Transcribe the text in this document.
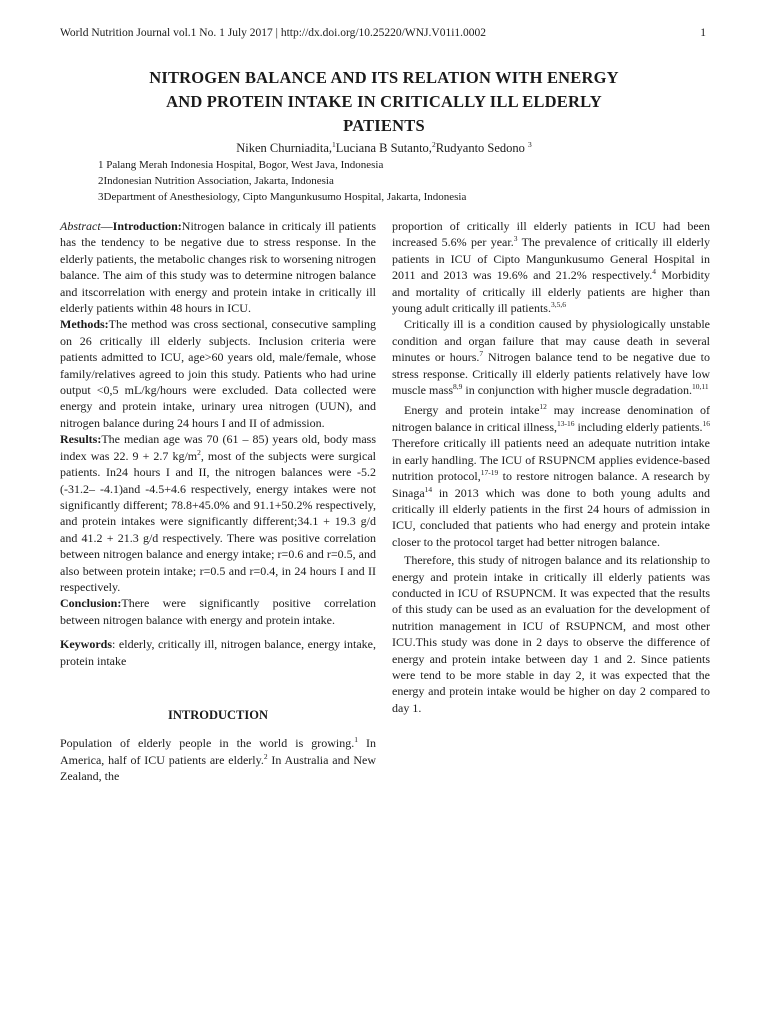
World Nutrition Journal vol.1 No. 1 July 2017 | http://dx.doi.org/10.25220/WNJ.V01i1.0002	1
NITROGEN BALANCE AND ITS RELATION WITH ENERGY
AND PROTEIN INTAKE IN CRITICALLY ILL ELDERLY
PATIENTS
Niken Churniadita,$^1$Luciana B Sutanto,$^2$Rudyanto Sedono $^3$
1 Palang Merah Indonesia Hospital, Bogor, West Java, Indonesia
2Indonesian Nutrition Association, Jakarta, Indonesia
3Department of Anesthesiology, Cipto Mangunkusumo Hospital, Jakarta, Indonesia

Abstract—Introduction:Nitrogen balance in criticaly ill patients has the tendency to be negative due to stress response. In the elderly patients, the metabolic changes risk to worsening nitrogen balance. The aim of this study was to determine nitrogen balance and itscorrelation with energy and protein intake in critically ill elderly patients within 48 hours in ICU.

Methods:The method was cross sectional, consecutive sampling on 26 critically ill elderly subjects. Inclusion criteria were patients admitted to ICU, age>60 years old, male/female, whose family/relatives agreed to join this study. Patients who had urine output <0,5 mL/kg/hours were excluded. Data collected were energy and protein intake, urinary urea nitrogen (UUN), and nitrogen balance during 24 hours I and II of admission.

Results:The median age was 70 (61 – 85) years old, body mass index was 22. 9 + 2.7 $kg/m^2$, most of the subjects were surgical patients. In24 hours I and II, the nitrogen balances were -5.2 (-31.2– -4.1)and -4.5+4.6 respectively, energy intakes were not significantly different; 78.8+45.0% and 91.1+50.2% respectively, and protein intakes were significantly different;34.1 + 19.3 g/d and 41.2 + 21.3 g/d respectively. There was positive correlation between nitrogen balance and energy intake; r=0.6 and r=0.5, and also between protein intake; r=0.5 and r=0.4, in 24 hours I and II respectively.

Conclusion:There were significantly positive correlation between nitrogen balance with energy and protein intake.

Keywords: elderly, critically ill, nitrogen balance, energy intake, protein intake

INTRODUCTION

Population of elderly people in the world is growing.$^1$ In America, half of ICU patients are elderly.$^2$ In Australia and New Zealand, the

proportion of critically ill elderly patients in ICU had been increased 5.6% per year.$^3$ The prevalence of critically ill elderly patients in ICU of Cipto Mangunkusumo General Hospital in 2011 and 2013 was 19.6% and 21.2% respectively.$^4$ Morbidity and mortality of critically ill elderly patients are higher than young adult critically ill patients.$^{3,5,6}$

Critically ill is a condition caused by physiologically unstable condition and organ failure that may cause death in several minutes or hours.$^7$ Nitrogen balance tend to be negative due to stress response. Critically ill elderly patients relatively have low muscle mass$^{8,9}$ in conjunction with higher muscle degradation.$^{10,11}$

Energy and protein intake$^{12}$ may increase denomination of nitrogen balance in critical illness,$^{13-16}$ including elderly patients.$^{16}$ Therefore critically ill patients need an adequate nutrition intake in early handling. The ICU of RSUPNCM applies evidence-based nutrition protocol,$^{17-19}$ to restore nitrogen balance. A research by Sinaga$^{14}$ in 2013 which was done to both young adults and critically ill elderly patients in the first 24 hours of admission in ICU, concluded that patients who had energy and protein intake closer to the protocol target had better nitrogen balance.

Therefore, this study of nitrogen balance and its relationship to energy and protein intake in critically ill elderly patients was conducted in ICU of RSUPNCM. It was expected that the results of this study can be used as an evaluation for the development of nutrition management in ICU of RSUPNCM, and most other ICU.This study was done in 2 days to observe the difference of energy and protein intake between day 1 and 2. Since patients were tend to be more stable in day 2, it was expected that the energy and protein intake would be higher on day 2 compared to day 1.
